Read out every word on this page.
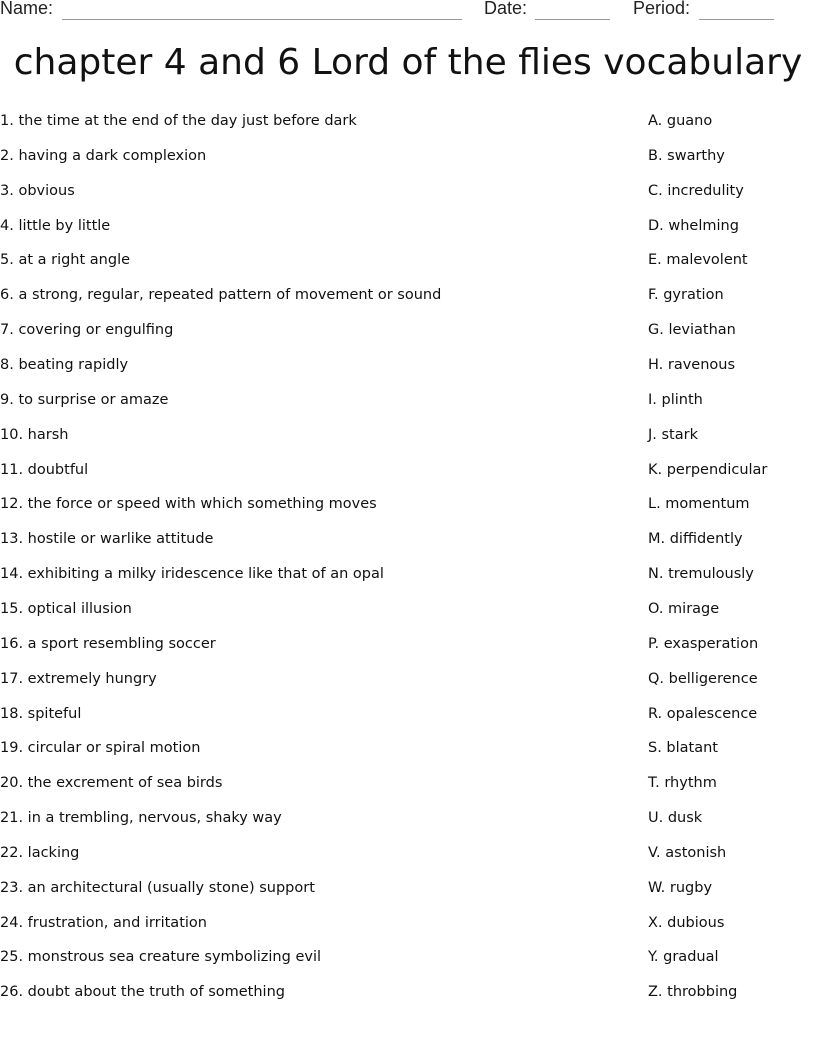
Name:	Date:	Period:
chapter 4 and 6 Lord of the flies vocabulary
1. the time at the end of the day just before dark
2. having a dark complexion
3. obvious
4. little by little
5. at a right angle
6. a strong, regular, repeated pattern of movement or sound
7. covering or engulfing
8. beating rapidly
9. to surprise or amaze
10. harsh
11. doubtful
12. the force or speed with which something moves
13. hostile or warlike attitude
14. exhibiting a milky iridescence like that of an opal
15. optical illusion
16. a sport resembling soccer
17. extremely hungry
18. spiteful
19. circular or spiral motion
20. the excrement of sea birds
21. in a trembling, nervous, shaky way
22. lacking
23. an architectural (usually stone) support
24. frustration, and irritation
25. monstrous sea creature symbolizing evil
26. doubt about the truth of something
A. guano
B. swarthy
C. incredulity
D. whelming
E. malevolent
F. gyration
G. leviathan
H. ravenous
I. plinth
J. stark
K. perpendicular
L. momentum
M. diffidently
N. tremulously
O. mirage
P. exasperation
Q. belligerence
R. opalescence
S. blatant
T. rhythm
U. dusk
V. astonish
W. rugby
X. dubious
Y. gradual
Z. throbbing
